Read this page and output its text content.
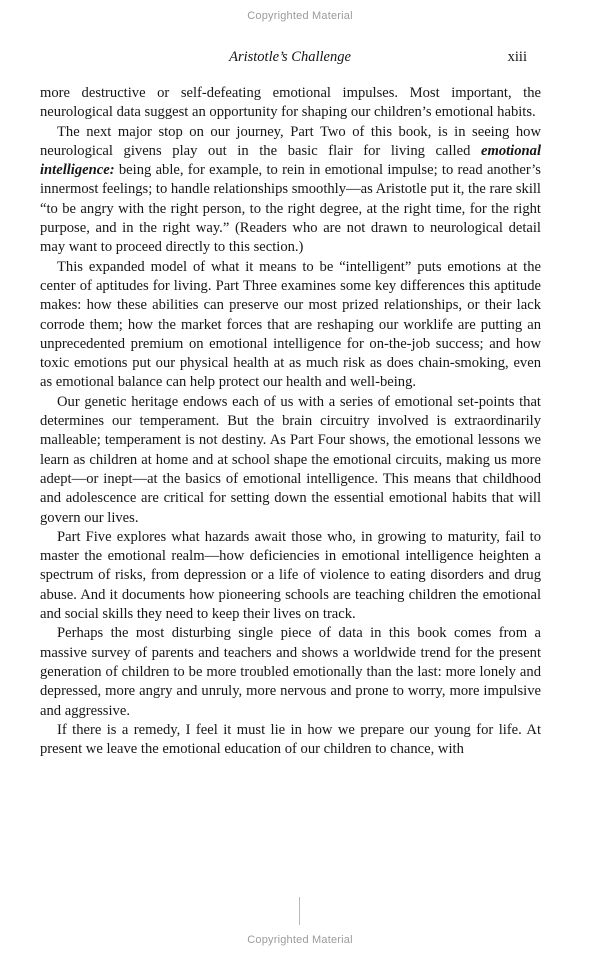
Copyrighted Material
Aristotle’s Challenge	xiii

more destructive or self-defeating emotional impulses. Most important, the neurological data suggest an opportunity for shaping our children’s emotional habits.

The next major stop on our journey, Part Two of this book, is in seeing how neurological givens play out in the basic flair for living called emotional intelligence: being able, for example, to rein in emotional impulse; to read another’s innermost feelings; to handle relationships smoothly—as Aristotle put it, the rare skill “to be angry with the right person, to the right degree, at the right time, for the right purpose, and in the right way.” (Readers who are not drawn to neurological detail may want to proceed directly to this section.)

This expanded model of what it means to be “intelligent” puts emotions at the center of aptitudes for living. Part Three examines some key differences this aptitude makes: how these abilities can preserve our most prized relationships, or their lack corrode them; how the market forces that are reshaping our worklife are putting an unprecedented premium on emotional intelligence for on-the-job success; and how toxic emotions put our physical health at as much risk as does chain-smoking, even as emotional balance can help protect our health and well-being.

Our genetic heritage endows each of us with a series of emotional set-points that determines our temperament. But the brain circuitry involved is extraordinarily malleable; temperament is not destiny. As Part Four shows, the emotional lessons we learn as children at home and at school shape the emotional circuits, making us more adept—or inept—at the basics of emotional intelligence. This means that childhood and adolescence are critical for setting down the essential emotional habits that will govern our lives.

Part Five explores what hazards await those who, in growing to maturity, fail to master the emotional realm—how deficiencies in emotional intelligence heighten a spectrum of risks, from depression or a life of violence to eating disorders and drug abuse. And it documents how pioneering schools are teaching children the emotional and social skills they need to keep their lives on track.

Perhaps the most disturbing single piece of data in this book comes from a massive survey of parents and teachers and shows a worldwide trend for the present generation of children to be more troubled emotionally than the last: more lonely and depressed, more angry and unruly, more nervous and prone to worry, more impulsive and aggressive.

If there is a remedy, I feel it must lie in how we prepare our young for life. At present we leave the emotional education of our children to chance, with

Copyrighted Material
